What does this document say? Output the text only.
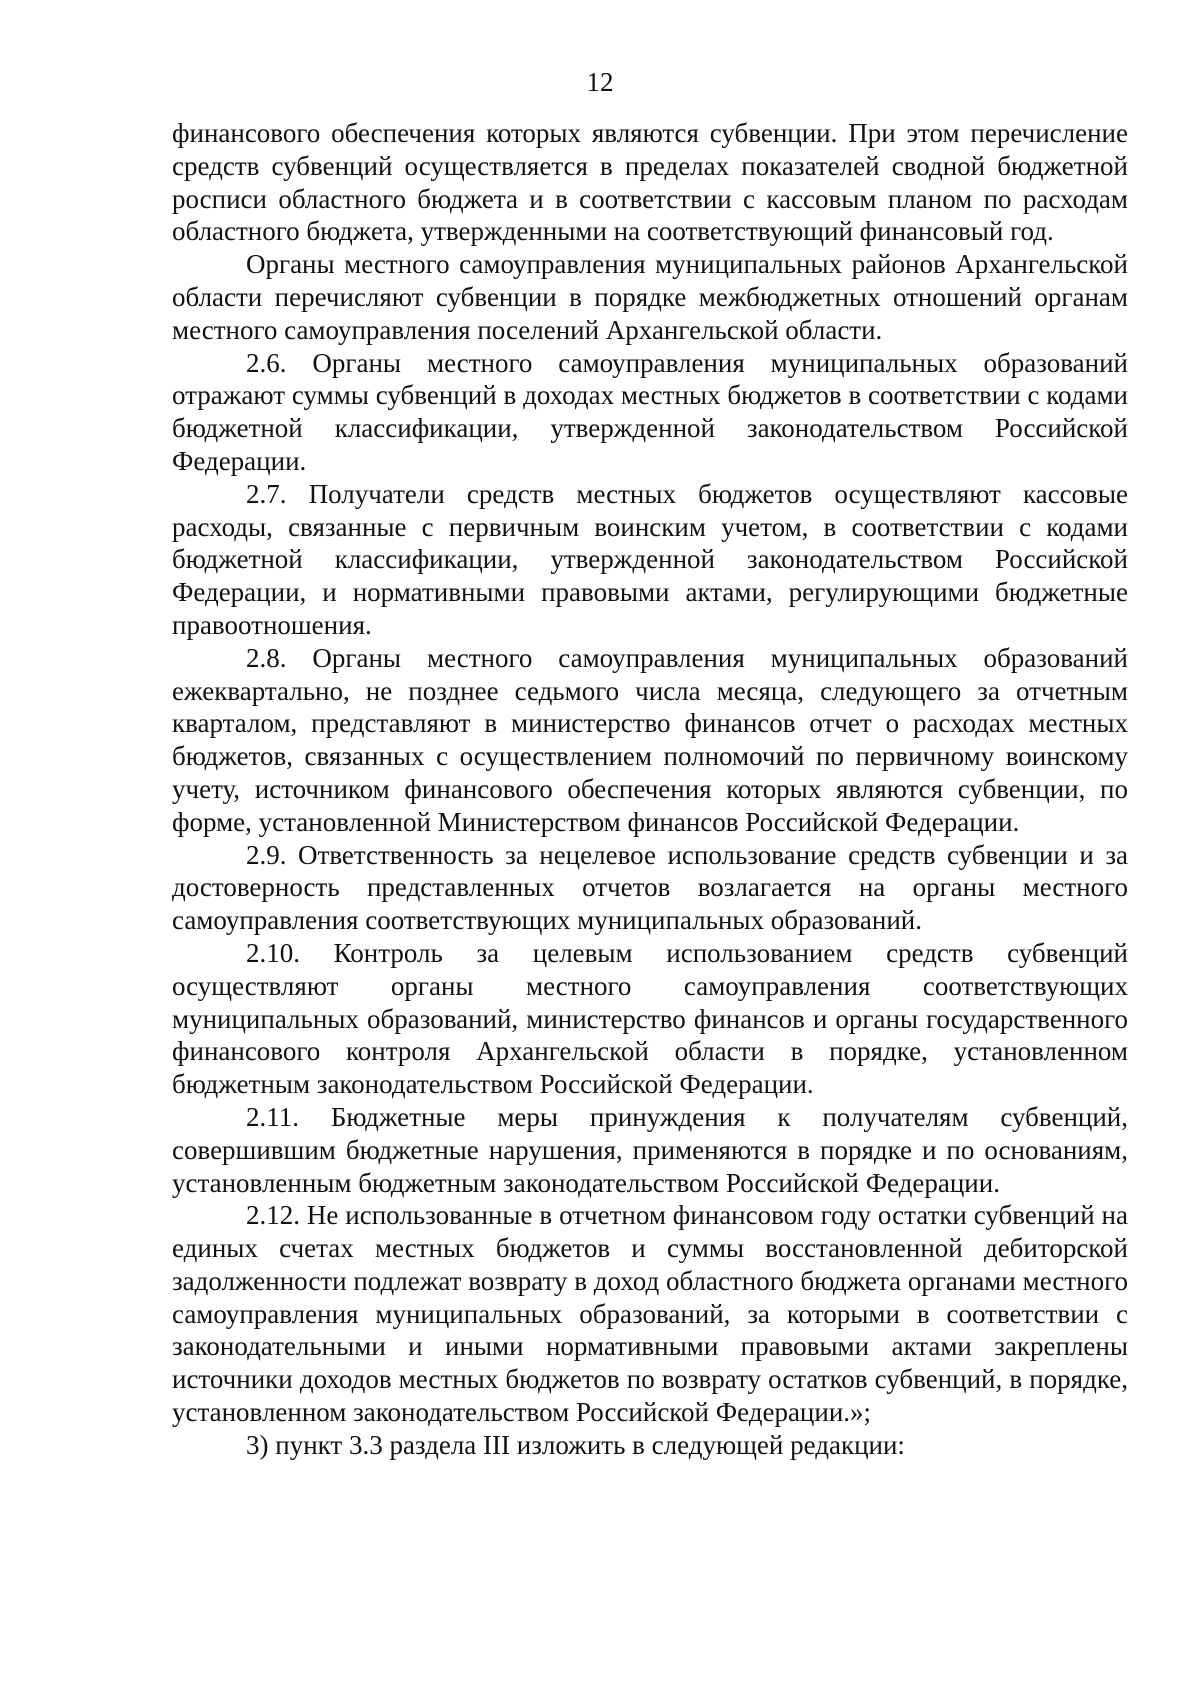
12

финансового обеспечения которых являются субвенции. При этом перечисление средств субвенций осуществляется в пределах показателей сводной бюджетной росписи областного бюджета и в соответствии с кассовым планом по расходам областного бюджета, утвержденными на соответствующий финансовый год.

Органы местного самоуправления муниципальных районов Архангельской области перечисляют субвенции в порядке межбюджетных отношений органам местного самоуправления поселений Архангельской области.

2.6. Органы местного самоуправления муниципальных образований отражают суммы субвенций в доходах местных бюджетов в соответствии с кодами бюджетной классификации, утвержденной законодательством Российской Федерации.

2.7. Получатели средств местных бюджетов осуществляют кассовые расходы, связанные с первичным воинским учетом, в соответствии с кодами бюджетной классификации, утвержденной законодательством Российской Федерации, и нормативными правовыми актами, регулирующими бюджетные правоотношения.

2.8. Органы местного самоуправления муниципальных образований ежеквартально, не позднее седьмого числа месяца, следующего за отчетным кварталом, представляют в министерство финансов отчет о расходах местных бюджетов, связанных с осуществлением полномочий по первичному воинскому учету, источником финансового обеспечения которых являются субвенции, по форме, установленной Министерством финансов Российской Федерации.

2.9. Ответственность за нецелевое использование средств субвенции и за достоверность представленных отчетов возлагается на органы местного самоуправления соответствующих муниципальных образований.

2.10. Контроль за целевым использованием средств субвенций осуществляют органы местного самоуправления соответствующих муниципальных образований, министерство финансов и органы государственного финансового контроля Архангельской области в порядке, установленном бюджетным законодательством Российской Федерации.

2.11. Бюджетные меры принуждения к получателям субвенций, совершившим бюджетные нарушения, применяются в порядке и по основаниям, установленным бюджетным законодательством Российской Федерации.

2.12. Не использованные в отчетном финансовом году остатки субвенций на единых счетах местных бюджетов и суммы восстановленной дебиторской задолженности подлежат возврату в доход областного бюджета органами местного самоуправления муниципальных образований, за которыми в соответствии с законодательными и иными нормативными правовыми актами закреплены источники доходов местных бюджетов по возврату остатков субвенций, в порядке, установленном законодательством Российской Федерации.»;

3) пункт 3.3 раздела III изложить в следующей редакции:
